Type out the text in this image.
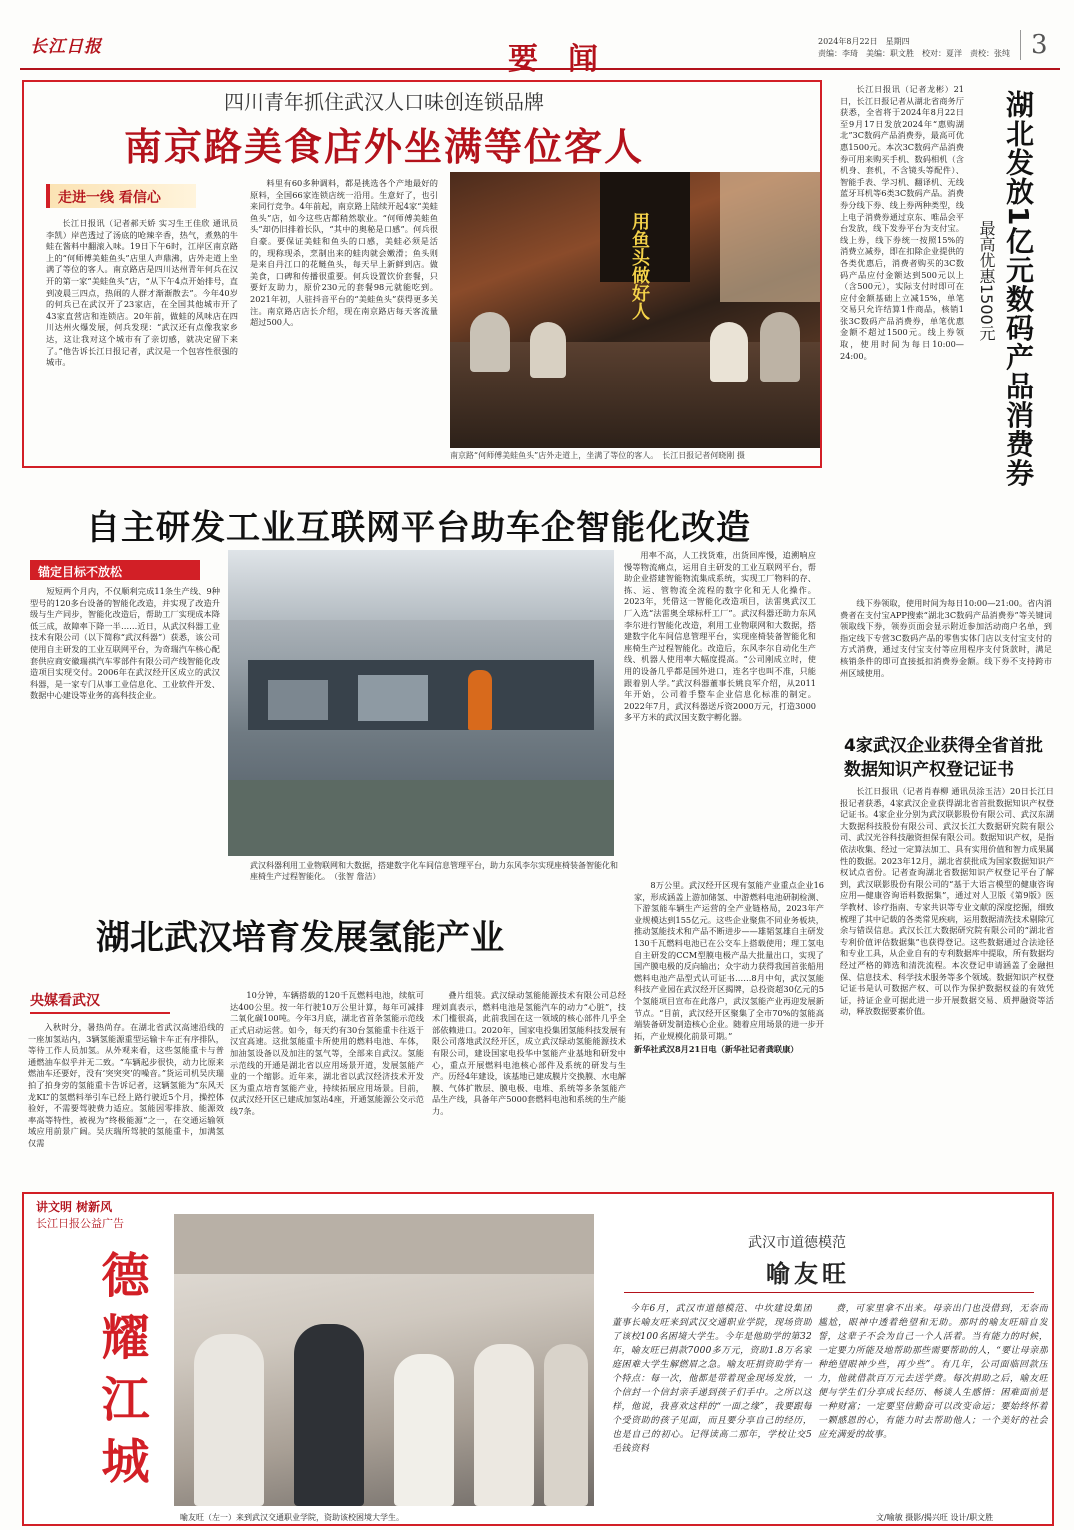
长江日报	要闻
2024年8月22日　星期四
责编：李琦　美编：职文胜　校对：夏洋　责校：张纯 3
四川青年抓住武汉人口味创连锁品牌
南京路美食店外坐满等位客人
走进一线 看信心

长江日报讯（记者郝天娇 实习生王佳欣 通讯员李凯）岸芭透过了汤底的呛辣辛香，热气，煮熟的牛蛙在酱料中翻滚入味。19日下午6时，江岸区南京路上的“何师傅美蛙鱼头”店里人声鼎沸，店外走道上坐满了等位的客人。南京路店是四川达州青年何兵在汉开的第一家“美蛙鱼头”店，“从下午4点开始排号，直到凌晨三四点，热闹的人群才渐渐散去”。今年40岁的何兵已在武汉开了23家店，在全国其他城市开了43家直营店和连锁店。20年前，做蛙的风味店在四川达州火爆发展，何兵发现：“武汉还有点像我家乡达，这让我对这个城市有了亲切感，就决定留下来了。”他告诉长江日报记者，武汉是一个包容性很强的城市。

料里有60多种调料，都是挑选各个产地最好的原料，全国66家连锁店统一沿用。生意好了，也引来同行竞争。4年前起，南京路上陆续开起4家“美蛙鱼头”店，如今这些店都稍然歇业。“何师傅美蛙鱼头”却仍旧排着长队，“其中的奥秘是口感”。何兵很自豪。要保证美蛙和鱼头的口感，美蛙必须是活的，现称现杀，烹制出来的蛙肉就会嫩滑；鱼头则是来自丹江口的花鲢鱼头，每天早上新鲜到店。做美食，口碑和传播很重要。何兵设置饮价套餐，只要好友助力，原价230元的套餐98元就能吃到。2021年初，人驻抖音平台的“美蛙鱼头”获得更多关注。南京路店店长介绍，现在南京路店每天客流量超过500人。

用鱼头做好人
南京路“何师傅美蛙鱼头”店外走道上，坐满了等位的客人。　长江日报记者何晓刚 摄
自主研发工业互联网平台助车企智能化改造
锚定目标不放松

短短两个月内，不仅顺利完成11条生产线、9种型号的120多台设备的智能化改造，并实现了改造升级与生产同步，智能化改造后，帮助工厂实现成本降低三成，故障率下降一半……近日，从武汉科器工业技术有限公司（以下简称“武汉科器”）获悉，该公司使用自主研发的工业互联网平台，为奇瑞汽车核心配套供应商安徽瑞祺汽车零部件有限公司产线智能化改造项目实现交付。2006年在武汉经开区成立的武汉科器，是一家专门从事工业信息化、工业软件开发、数据中心建设等业务的高科技企业。

武汉科器利用工业物联网和大数据，搭建数字化车间信息管理平台，助力东风李尔实现座椅装备智能化和座椅生产过程智能化。　（张智 詹洁）

用率不高，人工找货难，出货回库慢，追溯响应慢等物流痛点，运用自主研发的工业互联网平台，帮助企业搭建智能物流集成系统，实现工厂物料的存、拣、运、管物流全流程的数字化和无人化操作。2023年，凭借这一智能化改造项目，法雷奥武汉工厂入选“法雷奥全球标杆工厂”。武汉科器还助力东风李尔进行智能化改造，利用工业物联网和大数据，搭建数字化车间信息管理平台，实现座椅装备智能化和座椅生产过程智能化。改造后，东风李尔自动化生产线、机器人使用率大幅度提高。“公司刚成立时，使用的设备几乎都是国外进口，连名字也叫不准，只能跟着别人学。”武汉科器董事长姚良军介绍，从2011年开始，公司着手整车企业信息化标准的制定。2022年7月，武汉科器送斥资2000万元，打造3000多平方米的武汉国支数字孵化器。

湖北武汉培育发展氢能产业
央媒看武汉

入秋时分，暑热尚存。在湖北省武汉高速沿线的一座加氢站内，3辆氢能源重型运输卡车正有序排队，等待工作人员加氢。从外观来看，这些氢能重卡与普通燃油车似乎并无二致。“车辆起步很快，动力比原来燃油车还要好，没有‘突突突’的噪音。”货运司机吴庆瑞拍了拍身旁的氢能重卡告诉记者，这辆氢能为“东风天龙KL”的氢燃料举引车已经上路行驶近5个月，操控体验好，不需要驾驶费力适应。氢能因零排放、能源效率高等特性，被视为“终极能源”之一，在交通运输领域应用前景广阔。吴庆瑞所驾驶的氢能重卡，加满氢仅需

10分钟，车辆搭载的120千瓦燃料电池，续航可达400公里。按一年行驶10万公里计算，每年可减排二氧化碳100吨。今年3月底，湖北省首条氢能示范线正式启动运营。如今，每天约有30台氢能重卡往返于汉宜高速。这批氢能重卡所使用的燃料电池、车体，加油氢设备以及加注的氢气等，全部来自武汉。氢能示范线的开通是湖北省以应用场景开道，发展氢能产业的一个缩影。近年来，湖北省以武汉经济技术开发区为重点培育氢能产业，持续拓展应用场景。目前，仅武汉经开区已建成加氢站4座，开通氢能源公交示范线7条。

叠片组装。武汉绿动氢能能源技术有限公司总经理刘真表示，燃料电池是氢能汽车的动力“心脏”，技术门槛很高，此前我国在这一领域的核心部件几乎全部依赖进口。2020年，国家电投集团氢能科技发展有限公司落地武汉经开区，成立武汉绿动氢能能源技术有限公司，建设国家电投华中氢能产业基地和研发中心，重点开展燃料电池核心部件及系统的研发与生产。历经4年建设，该基地已建成膜片交换膜、水电解膜、气体扩散层、膜电极、电堆、系统等多条氢能产品生产线，具备年产5000套燃料电池和系统的生产能力。

8万公里。武汉经开区现有氢能产业重点企业16家，形成涵盖上游加储氢、中游燃料电池研制检测、下游氢能车辆生产运营的全产业链格局，2023年产业规模达到155亿元。这些企业聚焦不同业务板块，推动氢能技术和产品不断进步——雄韬氢雄自主研发130千瓦燃料电池已在公交车上搭载使用；理工氢电自主研发的CCM型膜电极产品大批量出口，实现了国产膜电极的反向输出；众宇动力获得我国首张船用燃料电池产品型式认可证书……8月中旬，武汉氢能科技产业园在武汉经开区揭牌，总投资超30亿元的5个氢能项目宣布在此落户，武汉氢能产业再迎发展新节点。“目前，武汉经开区聚集了全市70%的氢能高端装备研发制造核心企业。随着应用场景的进一步开拓，产业规模化前景可期。”

新华社武汉8月21日电（新华社记者龚联康）
湖北发放1亿元数码产品消费券
最高优惠1500元

长江日报讯（记者龙彬）21日，长江日报记者从湖北省商务厅获悉，全省将于2024年8月22日至9月17日发放2024年“惠购湖北”3C数码产品消费券，最高可优惠1500元。本次3C数码产品消费券可用来购买手机、数码相机（含机身、套机，不含镜头等配件）、智能手表、学习机、翻译机、无线蓝牙耳机等6类3C数码产品。消费券分线下券、线上券两种类型，线上电子消费券通过京东、唯品会平台发放，线下发券平台为支付宝。线上券，线下券统一按照15%的消费立减券，即在扣除企业提供的各类优惠后，消费者购买的3C数码产品应付金额达到500元以上（含500元），实际支付时即可在应付金额基础上立减15%，单笔交易只允许结算1件商品，核销1张3C数码产品消费券，单笔优惠金额不超过1500元。线上券领取，使用时间为每日10:00—24:00。

线下券领取，使用时间为每日10:00—21:00。省内消费者在支付宝APP搜索“湖北3C数码产品消费券”等关键词领取线下券，领券页面会显示附近参加活动商户名单，到指定线下专营3C数码产品的零售实体门店以支付宝支付的方式消费，通过支付宝支付等应用程序支付货款时，满足核销条件的即可直接抵扣消费券金额。线下券不支持跨市州区域使用。

4家武汉企业获得全省首批数据知识产权登记证书

长江日报讯（记者肖春柳 通讯员涂玉洁）20日长江日报记者获悉，4家武汉企业获得湖北省首批数据知识产权登记证书。4家企业分别为武汉联影股份有限公司、武汉东湖大数据科技股份有限公司、武汉长江大数据研究院有限公司、武汉光谷科技融资担保有限公司。数据知识产权，是指依法收集、经过一定算法加工、具有实用价值和智力成果属性的数据。2023年12月，湖北省获批成为国家数据知识产权试点省份。记者查询湖北省数据知识产权登记平台了解到，武汉联影股份有限公司的“基于大语言模型的健康咨询应用—健康咨询语料数据集”，通过对人卫版《第9版》医学教材、诊疗指南、专家共识等专业文献的深度挖掘，细致梳理了其中记载的各类常见疾病，运用数据清洗技术剔除冗余与错误信息。武汉长江大数据研究院有限公司的“湖北省专利价值评估数据集”也获得登记。这些数据通过合法途径和专业工具，从企业自有的专利数据库中提取，所有数据均经过严格的筛选和清洗流程。本次登记申请涵盖了金融担保、信息技术、科学技术服务等多个领域。数据知识产权登记证书是认可数据产权、可以作为保护数据权益的有效凭证，持证企业可据此进一步开展数据交易、质押融资等活动，释放数据要素价值。

讲文明 树新风
长江日报公益广告
德耀江城
喻友旺（左一）来到武汉交通职业学院，资助该校困境大学生。
武汉市道德模范
喻友旺

今年6月，武汉市道德模范、中坎建设集团董事长喻友旺来到武汉交通职业学院，现场资助了该校100名困境大学生。今年是他助学的第32年，喻友旺已捐款7000多万元，资助1.8万名家庭困难大学生解燃眉之急。喻友旺捐资助学有一个特点：每一次，他都是带着现金现场发放，一个信封一个信封亲手递到孩子们手中。之所以这样，他说，我喜欢这样的“一面之缘”，我要跟每个受资助的孩子见面，而且要分享自己的经历，也是自己的初心。记得读高二那年，学校让交5毛钱资料

费，可家里拿不出来。母亲出门也没借到，无奈而尴尬，眼神中透着绝望和无助。那时的喻友旺暗自发誓，这辈子不会为自己一个人活着。当有能力的时候，一定要力所能及地帮助那些需要帮助的人，“要让母亲那种绝望眼神少些，再少些”。有几年，公司面临回款压力，他就借款百万元去送学费。每次捐助之后，喻友旺便与学生们分享成长经历、畅谈人生感悟：困难面前是一种财富；一定要坚信勤奋可以改变命运；要始终怀着一颗感恩的心，有能力时去帮助他人；一个美好的社会应充满爱的故事。

文/喻敏 摄影/揭兴旺 设计/职文胜
